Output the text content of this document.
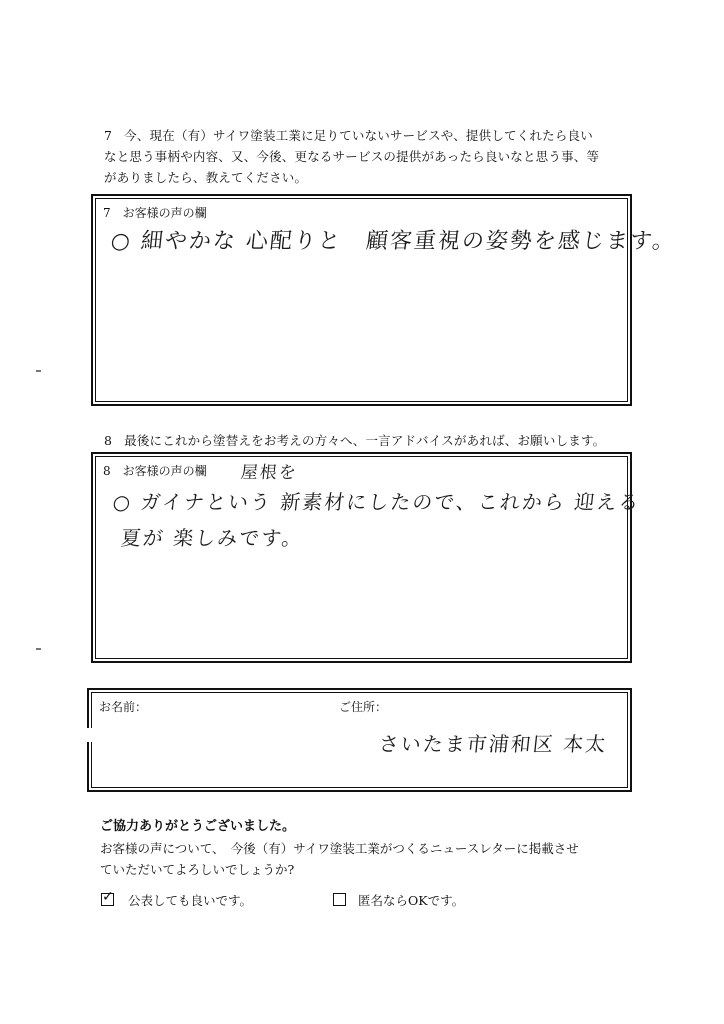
7 今、現在（有）サイワ塗装工業に足りていないサービスや、提供してくれたら良い
なと思う事柄や内容、又、今後、更なるサービスの提供があったら良いなと思う事、等
がありましたら、教えてください。
7　お客様の声の欄
○ 細やかな 心配りと　顧客重視の姿勢を感じます。
8 最後にこれから塗替えをお考えの方々へ、一言アドバイスがあれば、お願いします。
8　お客様の声の欄 屋根を
○ ガイナという 新素材にしたので、これから 迎える
夏が 楽しみです。
お名前：	ご住所：
さいたま市浦和区 本太
ご協力ありがとうございました。
お客様の声について、　今後（有）サイワ塗装工業がつくるニュースレターに掲載させ
ていただいてよろしいでしょうか?
✓ 公表しても良いです。	匿名ならOKです。
